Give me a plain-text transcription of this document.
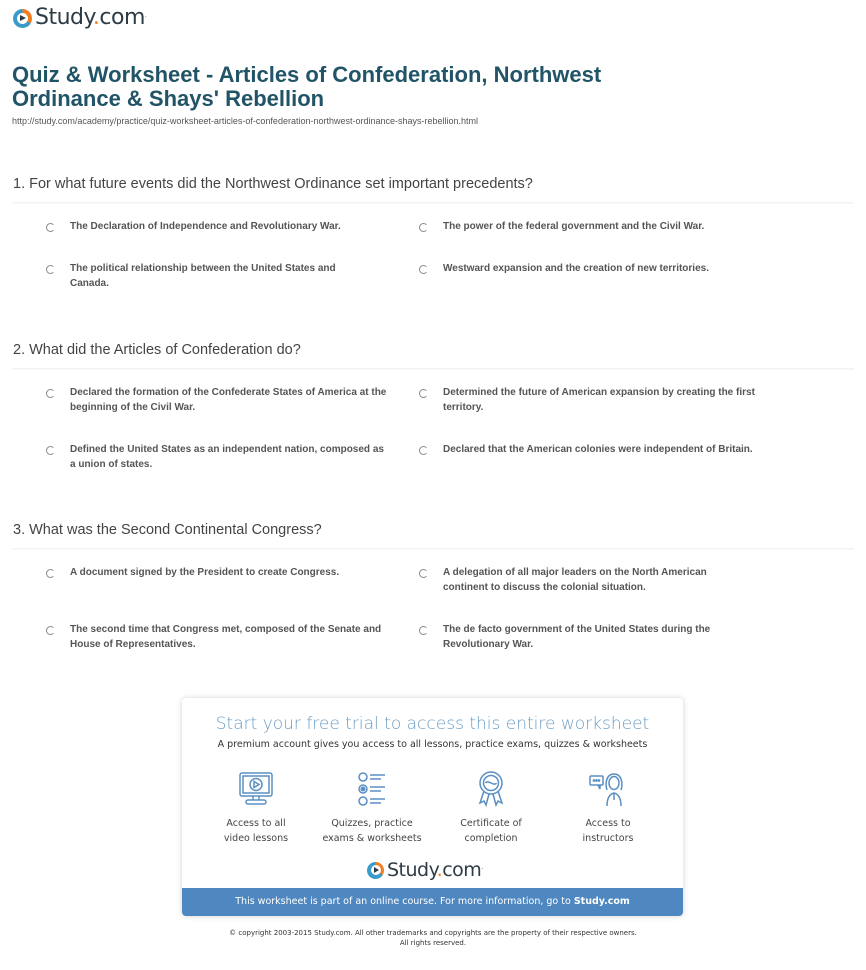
Study.com·
Quiz & Worksheet - Articles of Confederation, Northwest Ordinance & Shays' Rebellion
http://study.com/academy/practice/quiz-worksheet-articles-of-confederation-northwest-ordinance-shays-rebellion.html
1. For what future events did the Northwest Ordinance set important precedents?
The Declaration of Independence and Revolutionary War.	The power of the federal government and the Civil War.
The political relationship between the United States and Canada.
Westward expansion and the creation of new territories.
2. What did the Articles of Confederation do?
Declared the formation of the Confederate States of America at the beginning of the Civil War.
Determined the future of American expansion by creating the first territory.
Defined the United States as an independent nation, composed as a union of states.
Declared that the American colonies were independent of Britain.
3. What was the Second Continental Congress?
A document signed by the President to create Congress.	A delegation of all major leaders on the North American continent to discuss the colonial situation.
The second time that Congress met, composed of the Senate and House of Representatives.
The de facto government of the United States during the Revolutionary War.
Start your free trial to access this entire worksheet
A premium account gives you access to all lessons, practice exams, quizzes & worksheets
Access to all
video lessons
Quizzes, practice
exams & worksheets
Certificate of
completion
Access to
instructors
Study.com·
This worksheet is part of an online course. For more information, go to Study.com
© copyright 2003-2015 Study.com. All other trademarks and copyrights are the property of their respective owners.
All rights reserved.
